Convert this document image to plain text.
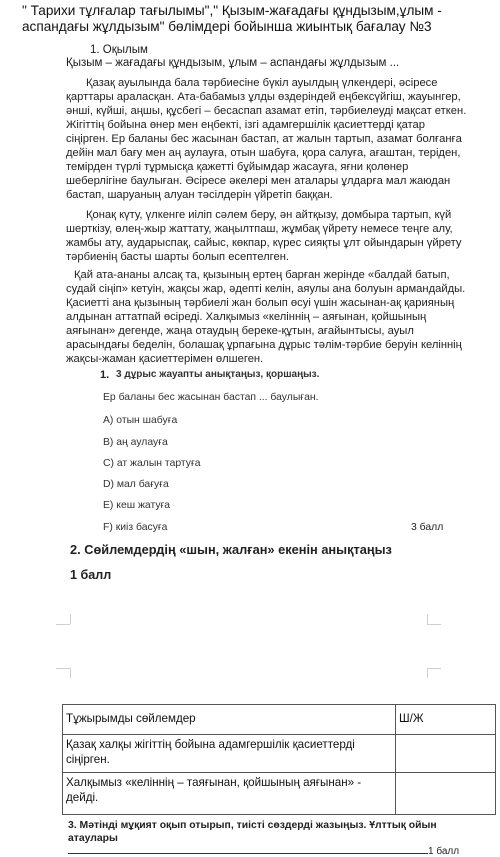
" Тарихи тұлғалар тағылымы"," Қызым-жағадағы құндызым,ұлым - аспандағы жұлдызым" бөлімдері бойынша жиынтық бағалау №3
1. Оқылым
Қызым – жағадағы құндызым, ұлым – аспандағы жұлдызым ...
Қазақ ауылында бала тәрбиесіне бүкіл ауылдың үлкендері, әсіресе қарттары араласқан. Ата-бабамыз ұлды өздеріндей еңбексүйгіш, жауынгер, әнші, күйші, аңшы, құсбегі – бесаспап азамат етіп, тәрбиелеуді мақсат еткен. Жігіттің бойына өнер мен еңбекті, ізгі адамгершілік қасиеттерді қатар сіңірген. Ер баланы бес жасынан бастап, ат жалын тартып, азамат болғанға дейін мал бағу мен аң аулауға, отын шабуға, қора салуға, ағаштан, теріден, темірден түрлі тұрмысқа қажетті бұйымдар жасауға, яғни қолөнер шеберлігіне баулыған. Әсіресе әкелері мен аталары ұлдарға мал жаюдан бастап, шаруаның алуан тәсілдерін үйретіп баққан.
Қонақ күту, үлкенге иіліп сәлем беру, ән айтқызу, домбыра тартып, күй шерткізу, өлең-жыр жаттату, жаңылтпаш, жұмбақ үйрету немесе теңге алу, жамбы ату, аударыспақ, сайыс, көкпар, күрес сияқты ұлт ойындарын үйрету тәрбиенің басты шарты болып есептелген.
Қай ата-ананы алсақ та, қызының ертең барған жерінде «балдай батып, судай сіңіп» кетуін, жақсы жар, әдепті келін, аяулы ана болуын армандайды. Қасиетті ана қызының тәрбиелі жан болып өсуі үшін жасынан-ақ қарияның алдынан аттатпай өсіреді. Халқымыз «келіннің – аяғынан, қойшының аяғынан» дегенде, жаңа отаудың береке-құтын, ағайынтысы, ауыл арасындағы беделін, болашақ ұрпағына дұрыс тәлім-тәрбие беруін келіннің жақсы-жаман қасиеттерімен өлшеген.
1. 3 дұрыс жауапты анықтаңыз, қоршаңыз.
Ер баланы бес жасынан бастап ... баулыған.
А) отын шабуға
В) аң аулауға
С) ат жалын тартуға
D) мал бағуға
Е) кеш жатуға
F) киіз басуға	3 балл
2. Сөйлемдердің «шын, жалған» екенін анықтаңыз
1 балл
Тұжырымды сөйлемдер	Ш/Ж
Қазақ халқы жігіттің бойына адамгершілік қасиеттерді сіңірген.	
Халқымыз «келіннің – таяғынан, қойшының аяғынан» - дейді.	
3. Мәтінді мұқият оқып отырып, тиісті сөздерді жазыңыз. Ұлттық ойын атаулары
1 балл
